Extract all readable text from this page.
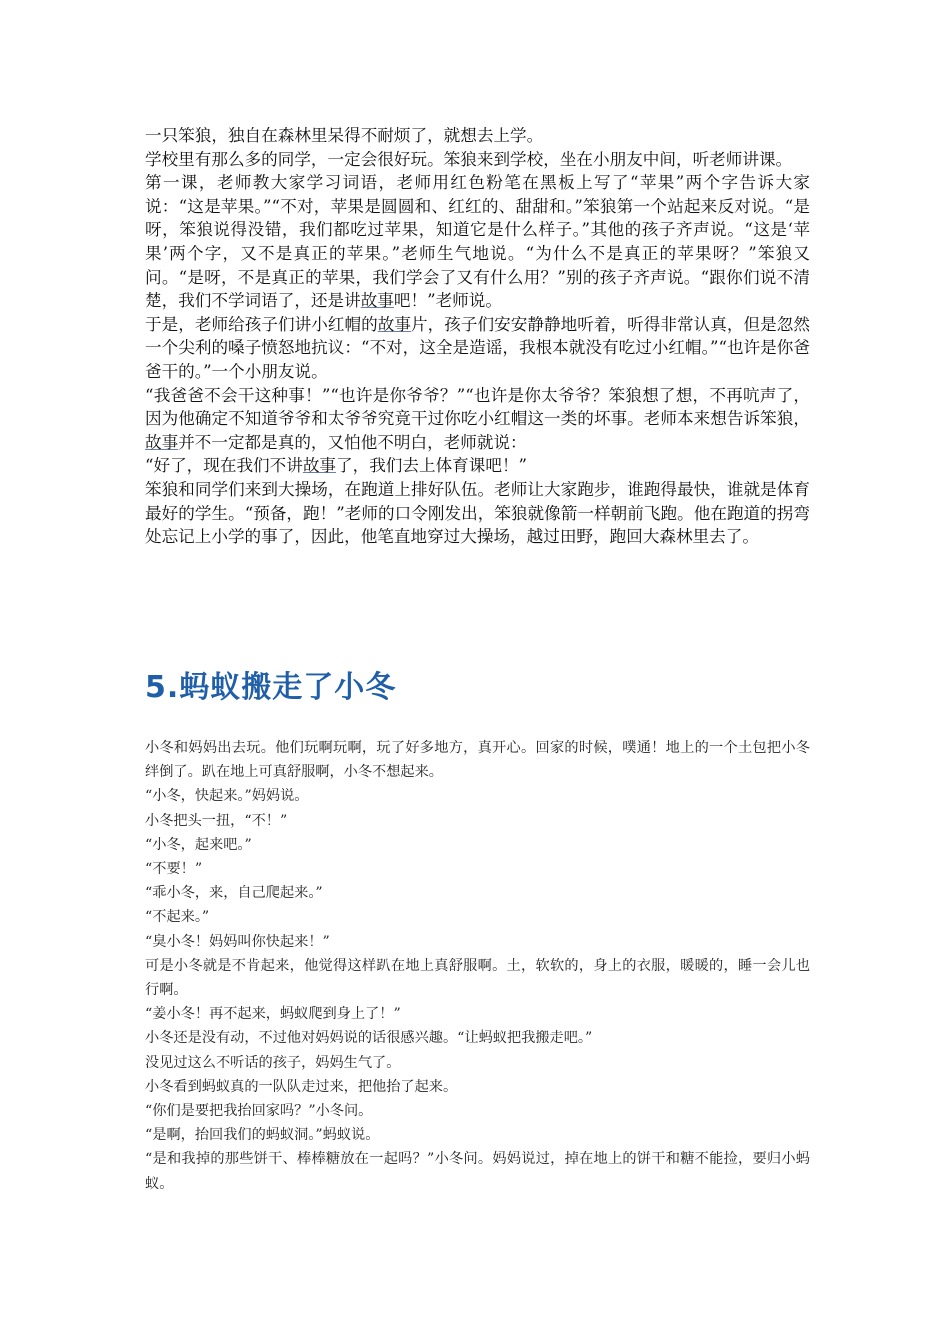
一只笨狼，独自在森林里呆得不耐烦了，就想去上学。

学校里有那么多的同学，一定会很好玩。笨狼来到学校，坐在小朋友中间，听老师讲课。

第一课，老师教大家学习词语，老师用红色粉笔在黑板上写了“苹果”两个字告诉大家说：“这是苹果。”“不对，苹果是圆圆和、红红的、甜甜和。”笨狼第一个站起来反对说。“是呀，笨狼说得没错，我们都吃过苹果，知道它是什么样子。”其他的孩子齐声说。“这是‘苹果’两个字，又不是真正的苹果。”老师生气地说。“为什么不是真正的苹果呀？”笨狼又问。“是呀，不是真正的苹果，我们学会了又有什么用？”别的孩子齐声说。“跟你们说不清楚，我们不学词语了，还是讲故事吧！”老师说。

于是，老师给孩子们讲小红帽的故事片，孩子们安安静静地听着，听得非常认真，但是忽然一个尖利的嗓子愤怒地抗议：“不对，这全是造谣，我根本就没有吃过小红帽。”“也许是你爸爸干的。”一个小朋友说。

“我爸爸不会干这种事！”“也许是你爷爷？”“也许是你太爷爷？笨狼想了想，不再吭声了，因为他确定不知道爷爷和太爷爷究竟干过你吃小红帽这一类的坏事。老师本来想告诉笨狼，故事并不一定都是真的，又怕他不明白，老师就说：

“好了，现在我们不讲故事了，我们去上体育课吧！”

笨狼和同学们来到大操场，在跑道上排好队伍。老师让大家跑步，谁跑得最快，谁就是体育最好的学生。“预备，跑！”老师的口令刚发出，笨狼就像箭一样朝前飞跑。他在跑道的拐弯处忘记上小学的事了，因此，他笔直地穿过大操场，越过田野，跑回大森林里去了。

5.蚂蚁搬走了小冬

小冬和妈妈出去玩。他们玩啊玩啊，玩了好多地方，真开心。回家的时候，噗通！地上的一个土包把小冬绊倒了。趴在地上可真舒服啊，小冬不想起来。

“小冬，快起来。”妈妈说。

小冬把头一扭，“不！”

“小冬，起来吧。”

“不要！”

“乖小冬，来，自己爬起来。”

“不起来。”

“臭小冬！妈妈叫你快起来！”

可是小冬就是不肯起来，他觉得这样趴在地上真舒服啊。土，软软的，身上的衣服，暖暖的，睡一会儿也行啊。

“姜小冬！再不起来，蚂蚁爬到身上了！”

小冬还是没有动，不过他对妈妈说的话很感兴趣。“让蚂蚁把我搬走吧。”

没见过这么不听话的孩子，妈妈生气了。

小冬看到蚂蚁真的一队队走过来，把他抬了起来。

“你们是要把我抬回家吗？”小冬问。

“是啊，抬回我们的蚂蚁洞。”蚂蚁说。

“是和我掉的那些饼干、棒棒糖放在一起吗？”小冬问。妈妈说过，掉在地上的饼干和糖不能捡，要归小蚂蚁。
